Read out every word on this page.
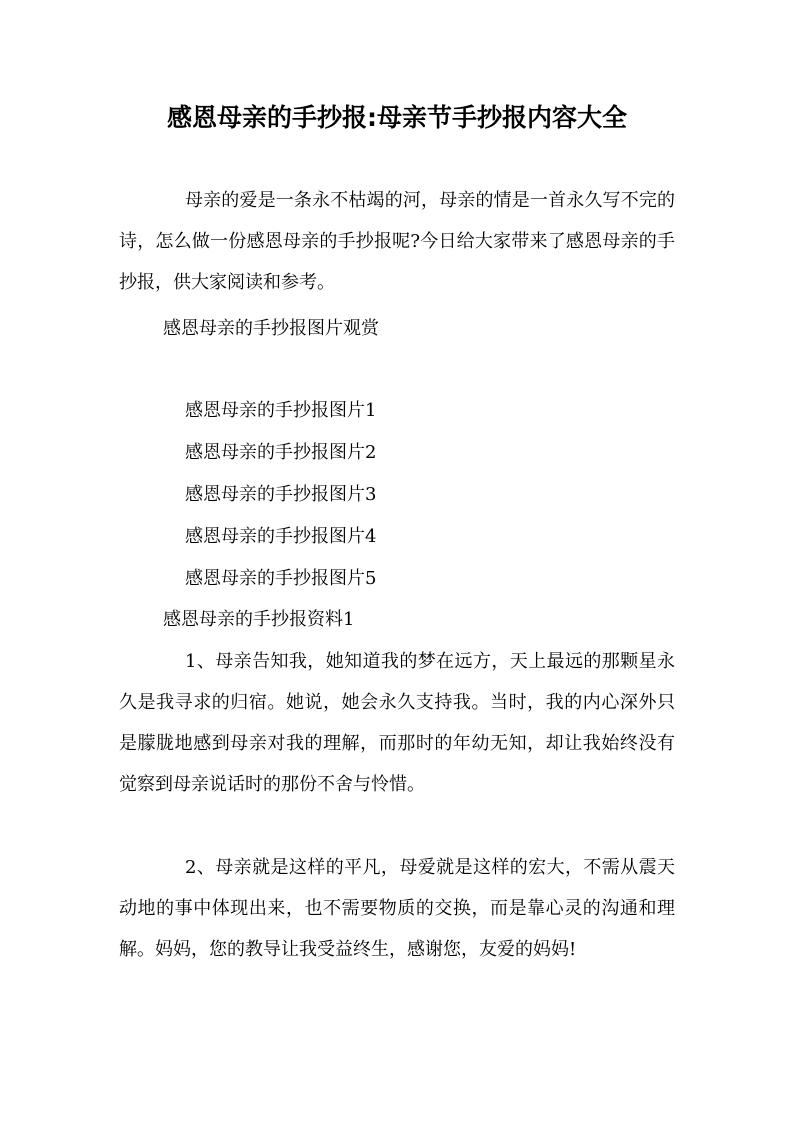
感恩母亲的手抄报:母亲节手抄报内容大全

母亲的爱是一条永不枯竭的河，母亲的情是一首永久写不完的诗，怎么做一份感恩母亲的手抄报呢?今日给大家带来了感恩母亲的手抄报，供大家阅读和参考。

感恩母亲的手抄报图片观赏

感恩母亲的手抄报图片1

感恩母亲的手抄报图片2

感恩母亲的手抄报图片3

感恩母亲的手抄报图片4

感恩母亲的手抄报图片5

感恩母亲的手抄报资料1

1、母亲告知我，她知道我的梦在远方，天上最远的那颗星永久是我寻求的归宿。她说，她会永久支持我。当时，我的内心深外只是朦胧地感到母亲对我的理解，而那时的年幼无知，却让我始终没有觉察到母亲说话时的那份不舍与怜惜。

2、母亲就是这样的平凡，母爱就是这样的宏大，不需从震天动地的事中体现出来，也不需要物质的交换，而是靠心灵的沟通和理解。妈妈，您的教导让我受益终生，感谢您，友爱的妈妈!
